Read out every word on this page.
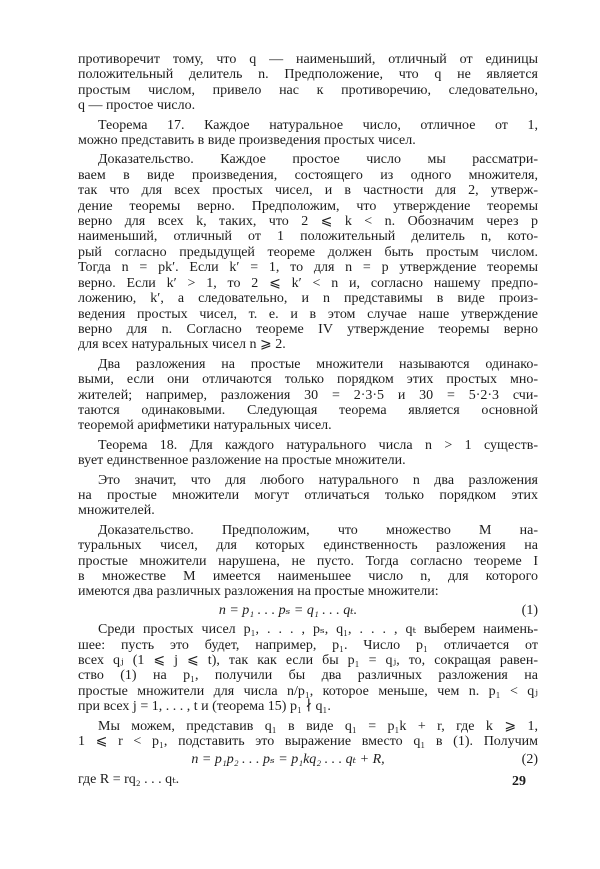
противоречит тому, что q — наименьший, отличный от единицы
положительный делитель n. Предположение, что q не является
простым числом, привело нас к противоречию, следовательно,
q — простое число.
Теорема 17. Каждое натуральное число, отличное от 1,
можно представить в виде произведения простых чисел.
Доказательство. Каждое простое число мы рассматри-
ваем в виде произведения, состоящего из одного множителя,
так что для всех простых чисел, и в частности для 2, утверж-
дение теоремы верно. Предположим, что утверждение теоремы
верно для всех k, таких, что 2 ⩽ k < n. Обозначим через p
наименьший, отличный от 1 положительный делитель n, кото-
рый согласно предыдущей теореме должен быть простым числом.
Тогда n = pk′. Если k′ = 1, то для n = p утверждение теоремы
верно. Если k′ > 1, то 2 ⩽ k′ < n и, согласно нашему предпо-
ложению, k′, а следовательно, и n представимы в виде произ-
ведения простых чисел, т. е. и в этом случае наше утверждение
верно для n. Согласно теореме IV утверждение теоремы верно
для всех натуральных чисел n ⩾ 2.
Два разложения на простые множители называются одинако-
выми, если они отличаются только порядком этих простых мно-
жителей; например, разложения 30 = 2·3·5 и 30 = 5·2·3 счи-
таются одинаковыми. Следующая теорема является основной
теоремой арифметики натуральных чисел.
Теорема 18. Для каждого натурального числа n > 1 существ-
вует единственное разложение на простые множители.
Это значит, что для любого натурального n два разложения
на простые множители могут отличаться только порядком этих
множителей.
Доказательство. Предположим, что множество M на-
туральных чисел, для которых единственность разложения на
простые множители нарушена, не пусто. Тогда согласно теореме I
в множестве M имеется наименьшее число n, для которого
имеются два различных разложения на простые множители:
n = p₁ . . . pₛ = q₁ . . . qₜ.	(1)
Среди простых чисел p₁, . . . , pₛ, q₁, . . . , qₜ выберем наимень-
шее: пусть это будет, например, p₁. Число p₁ отличается от
всех qⱼ (1 ⩽ j ⩽ t), так как если бы p₁ = qⱼ, то, сокращая равен-
ство (1) на p₁, получили бы два различных разложения на
простые множители для числа n/p₁, которое меньше, чем n. p₁ < qⱼ
при всех j = 1, . . . , t и (теорема 15) p₁ ∤ q₁.
Мы можем, представив q₁ в виде q₁ = p₁k + r, где k ⩾ 1,
1 ⩽ r < p₁, подставить это выражение вместо q₁ в (1). Получим
n = p₁p₂ . . . pₛ = p₁kq₂ . . . qₜ + R,	(2)
где R = rq₂ . . . qₜ.	29
